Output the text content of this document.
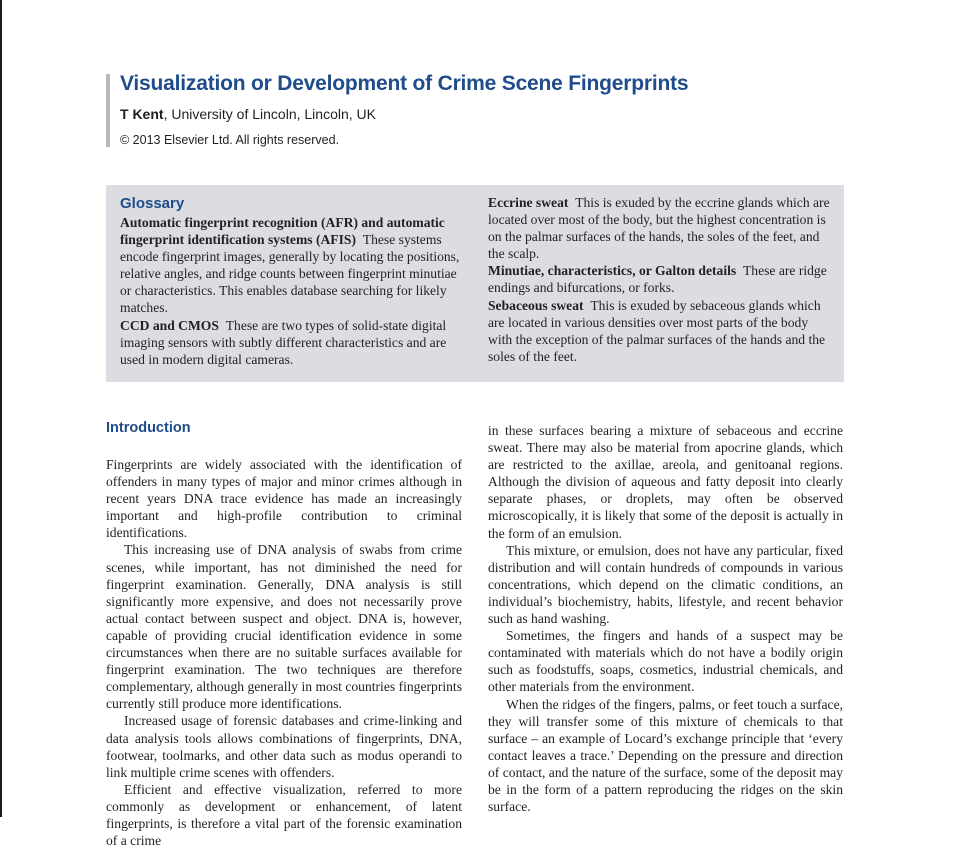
Visualization or Development of Crime Scene Fingerprints
T Kent, University of Lincoln, Lincoln, UK
© 2013 Elsevier Ltd. All rights reserved.
Glossary

Automatic fingerprint recognition (AFR) and automatic fingerprint identification systems (AFIS) These systems encode fingerprint images, generally by locating the positions, relative angles, and ridge counts between fingerprint minutiae or characteristics. This enables database searching for likely matches.

CCD and CMOS These are two types of solid-state digital imaging sensors with subtly different characteristics and are used in modern digital cameras.

Eccrine sweat This is exuded by the eccrine glands which are located over most of the body, but the highest concentration is on the palmar surfaces of the hands, the soles of the feet, and the scalp.

Minutiae, characteristics, or Galton details These are ridge endings and bifurcations, or forks.

Sebaceous sweat This is exuded by sebaceous glands which are located in various densities over most parts of the body with the exception of the palmar surfaces of the hands and the soles of the feet.

Introduction

Fingerprints are widely associated with the identification of offenders in many types of major and minor crimes although in recent years DNA trace evidence has made an increasingly important and high-profile contribution to criminal identifications.

This increasing use of DNA analysis of swabs from crime scenes, while important, has not diminished the need for fingerprint examination. Generally, DNA analysis is still significantly more expensive, and does not necessarily prove actual contact between suspect and object. DNA is, however, capable of providing crucial identification evidence in some circumstances when there are no suitable surfaces available for fingerprint examination. The two techniques are therefore complementary, although generally in most countries fingerprints currently still produce more identifications.

Increased usage of forensic databases and crime-linking and data analysis tools allows combinations of fingerprints, DNA, footwear, toolmarks, and other data such as modus operandi to link multiple crime scenes with offenders.

Efficient and effective visualization, referred to more commonly as development or enhancement, of latent fingerprints, is therefore a vital part of the forensic examination of a crime

in these surfaces bearing a mixture of sebaceous and eccrine sweat. There may also be material from apocrine glands, which are restricted to the axillae, areola, and genitoanal regions. Although the division of aqueous and fatty deposit into clearly separate phases, or droplets, may often be observed microscopically, it is likely that some of the deposit is actually in the form of an emulsion.

This mixture, or emulsion, does not have any particular, fixed distribution and will contain hundreds of compounds in various concentrations, which depend on the climatic conditions, an individual’s biochemistry, habits, lifestyle, and recent behavior such as hand washing.

Sometimes, the fingers and hands of a suspect may be contaminated with materials which do not have a bodily origin such as foodstuffs, soaps, cosmetics, industrial chemicals, and other materials from the environment.

When the ridges of the fingers, palms, or feet touch a surface, they will transfer some of this mixture of chemicals to that surface – an example of Locard’s exchange principle that ‘every contact leaves a trace.’ Depending on the pressure and direction of contact, and the nature of the surface, some of the deposit may be in the form of a pattern reproducing the ridges on the skin surface.
